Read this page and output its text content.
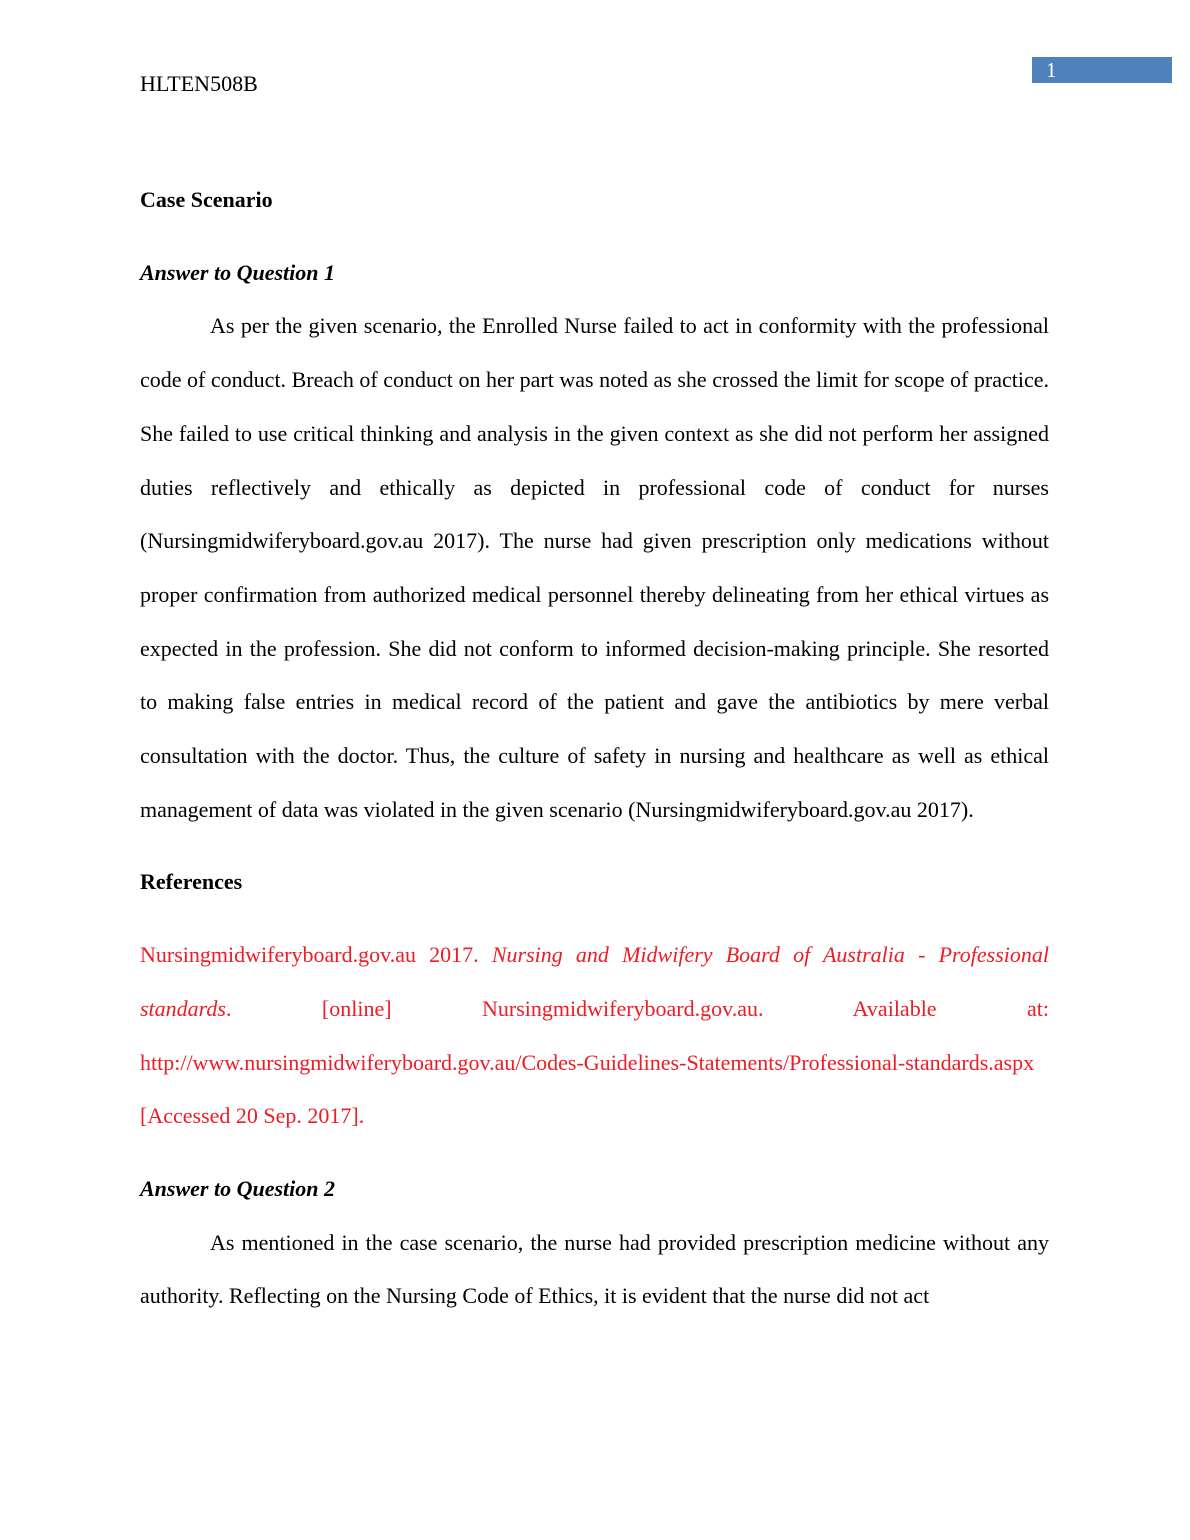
HLTEN508B
1

Case Scenario

Answer to Question 1

As per the given scenario, the Enrolled Nurse failed to act in conformity with the professional code of conduct. Breach of conduct on her part was noted as she crossed the limit for scope of practice. She failed to use critical thinking and analysis in the given context as she did not perform her assigned duties reflectively and ethically as depicted in professional code of conduct for nurses (Nursingmidwiferyboard.gov.au 2017). The nurse had given prescription only medications without proper confirmation from authorized medical personnel thereby delineating from her ethical virtues as expected in the profession. She did not conform to informed decision-making principle. She resorted to making false entries in medical record of the patient and gave the antibiotics by mere verbal consultation with the doctor. Thus, the culture of safety in nursing and healthcare as well as ethical management of data was violated in the given scenario (Nursingmidwiferyboard.gov.au 2017).

References

Nursingmidwiferyboard.gov.au 2017. Nursing and Midwifery Board of Australia - Professional standards. [online] Nursingmidwiferyboard.gov.au. Available at: http://www.nursingmidwiferyboard.gov.au/Codes-Guidelines-Statements/Professional-standards.aspx [Accessed 20 Sep. 2017].

Answer to Question 2

As mentioned in the case scenario, the nurse had provided prescription medicine without any authority. Reflecting on the Nursing Code of Ethics, it is evident that the nurse did not act
